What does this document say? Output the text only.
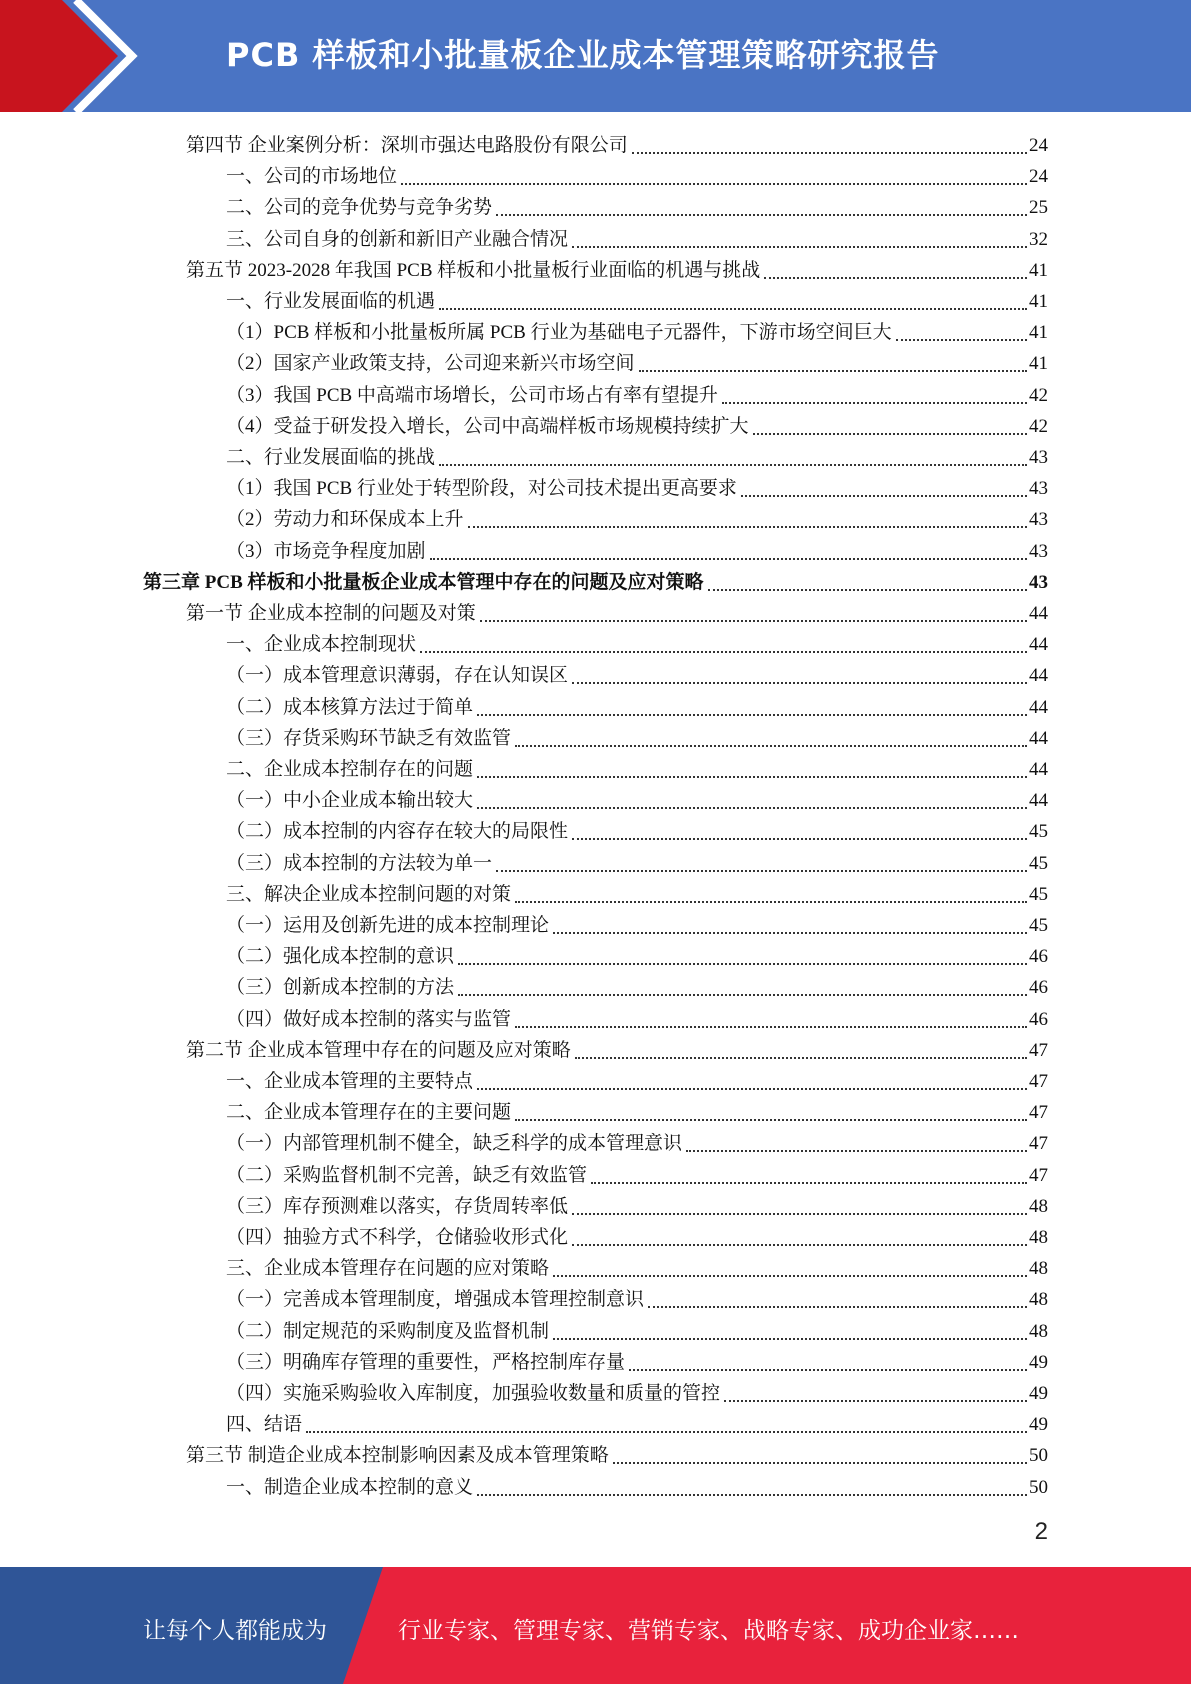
PCB 样板和小批量板企业成本管理策略研究报告
第四节 企业案例分析：深圳市强达电路股份有限公司	24
一、公司的市场地位	24
二、公司的竞争优势与竞争劣势	25
三、公司自身的创新和新旧产业融合情况	32
第五节 2023-2028 年我国 PCB 样板和小批量板行业面临的机遇与挑战	41
一、行业发展面临的机遇	41
（1）PCB 样板和小批量板所属 PCB 行业为基础电子元器件，下游市场空间巨大	41
（2）国家产业政策支持，公司迎来新兴市场空间	41
（3）我国 PCB 中高端市场增长，公司市场占有率有望提升	42
（4）受益于研发投入增长，公司中高端样板市场规模持续扩大	42
二、行业发展面临的挑战	43
（1）我国 PCB 行业处于转型阶段，对公司技术提出更高要求	43
（2）劳动力和环保成本上升	43
（3）市场竞争程度加剧	43
第三章 PCB 样板和小批量板企业成本管理中存在的问题及应对策略	43
第一节 企业成本控制的问题及对策	44
一、企业成本控制现状	44
（一）成本管理意识薄弱，存在认知误区	44
（二）成本核算方法过于简单	44
（三）存货采购环节缺乏有效监管	44
二、企业成本控制存在的问题	44
（一）中小企业成本输出较大	44
（二）成本控制的内容存在较大的局限性	45
（三）成本控制的方法较为单一	45
三、解决企业成本控制问题的对策	45
（一）运用及创新先进的成本控制理论	45
（二）强化成本控制的意识	46
（三）创新成本控制的方法	46
（四）做好成本控制的落实与监管	46
第二节 企业成本管理中存在的问题及应对策略	47
一、企业成本管理的主要特点	47
二、企业成本管理存在的主要问题	47
（一）内部管理机制不健全，缺乏科学的成本管理意识	47
（二）采购监督机制不完善，缺乏有效监管	47
（三）库存预测难以落实，存货周转率低	48
（四）抽验方式不科学，仓储验收形式化	48
三、企业成本管理存在问题的应对策略	48
（一）完善成本管理制度，增强成本管理控制意识	48
（二）制定规范的采购制度及监督机制	48
（三）明确库存管理的重要性，严格控制库存量	49
（四）实施采购验收入库制度，加强验收数量和质量的管控	49
四、结语	49
第三节 制造企业成本控制影响因素及成本管理策略	50
一、制造企业成本控制的意义	50
2
让每个人都能成为	行业专家、管理专家、营销专家、战略专家、成功企业家……
